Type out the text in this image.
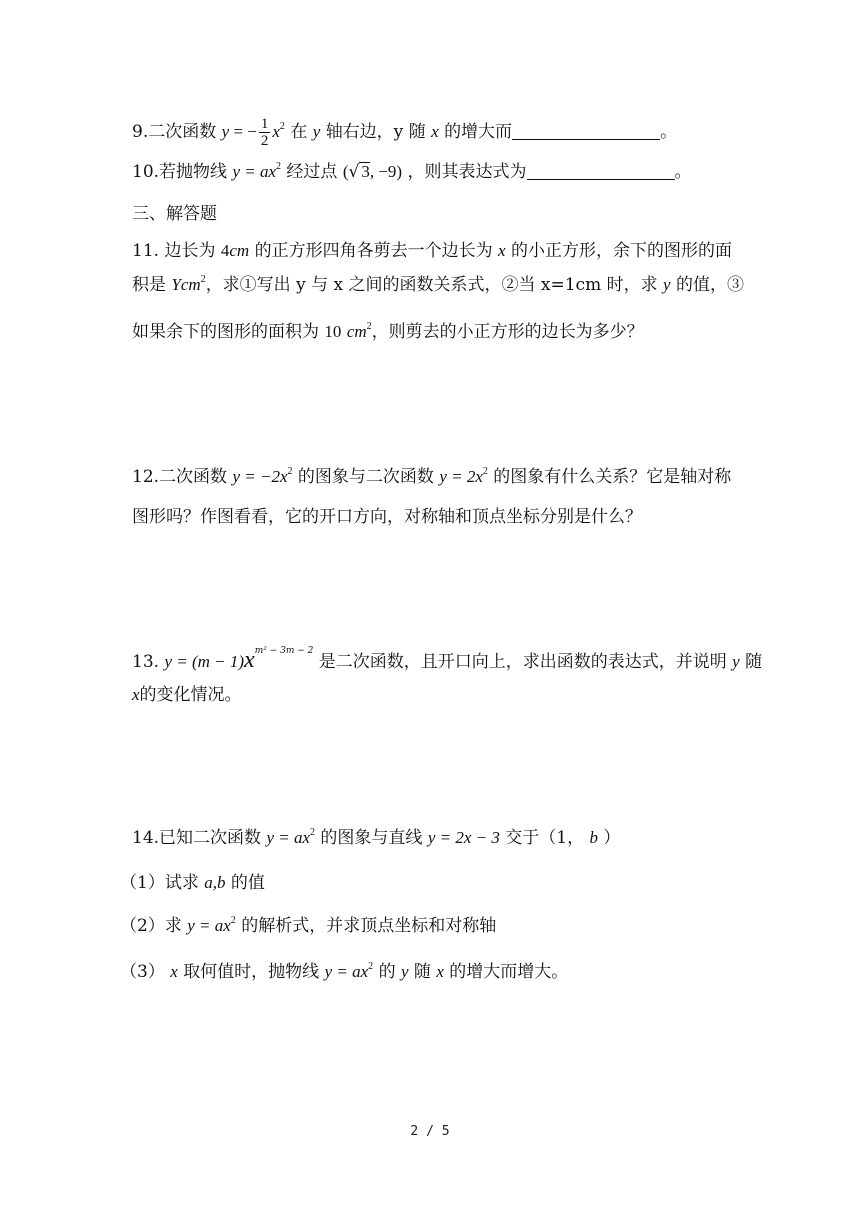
9.二次函数 y = − $\frac{1}{2} x^2$ 在 y 轴右边，y 随 x 的增大而	。
10.若抛物线 $y = ax^2$ 经过点 (√ 3, −9) ，则其表达式为	。
三、解答题
11. 边长为 4cm 的正方形四角各剪去一个边长为 x 的小正方形，余下的图形的面
积是 Ycm$^2$，求①写出 y 与 x 之间的函数关系式，②当 x=1cm 时，求 y 的值，③
如果余下的图形的面积为 10 $cm^2$，则剪去的小正方形的边长为多少？
12.二次函数 $y = -2x^2$ 的图象与二次函数 $y = 2x^2$ 的图象有什么关系？它是轴对称
图形吗？作图看看，它的开口方向，对称轴和顶点坐标分别是什么？
13. $y = (m - 1)x^{m^2 - 3m - 2}$ 是二次函数，且开口向上，求出函数的表达式，并说明 y 随
x的变化情况。
14.已知二次函数 $y = ax^2$ 的图象与直线 y = 2x − 3 交于（1， b ）
（1）试求 a,b 的值
（2）求 $y = ax^2$ 的解析式，并求顶点坐标和对称轴
（3） x 取何值时，抛物线 $y = ax^2$ 的 y 随 x 的增大而增大。
2 / 5
